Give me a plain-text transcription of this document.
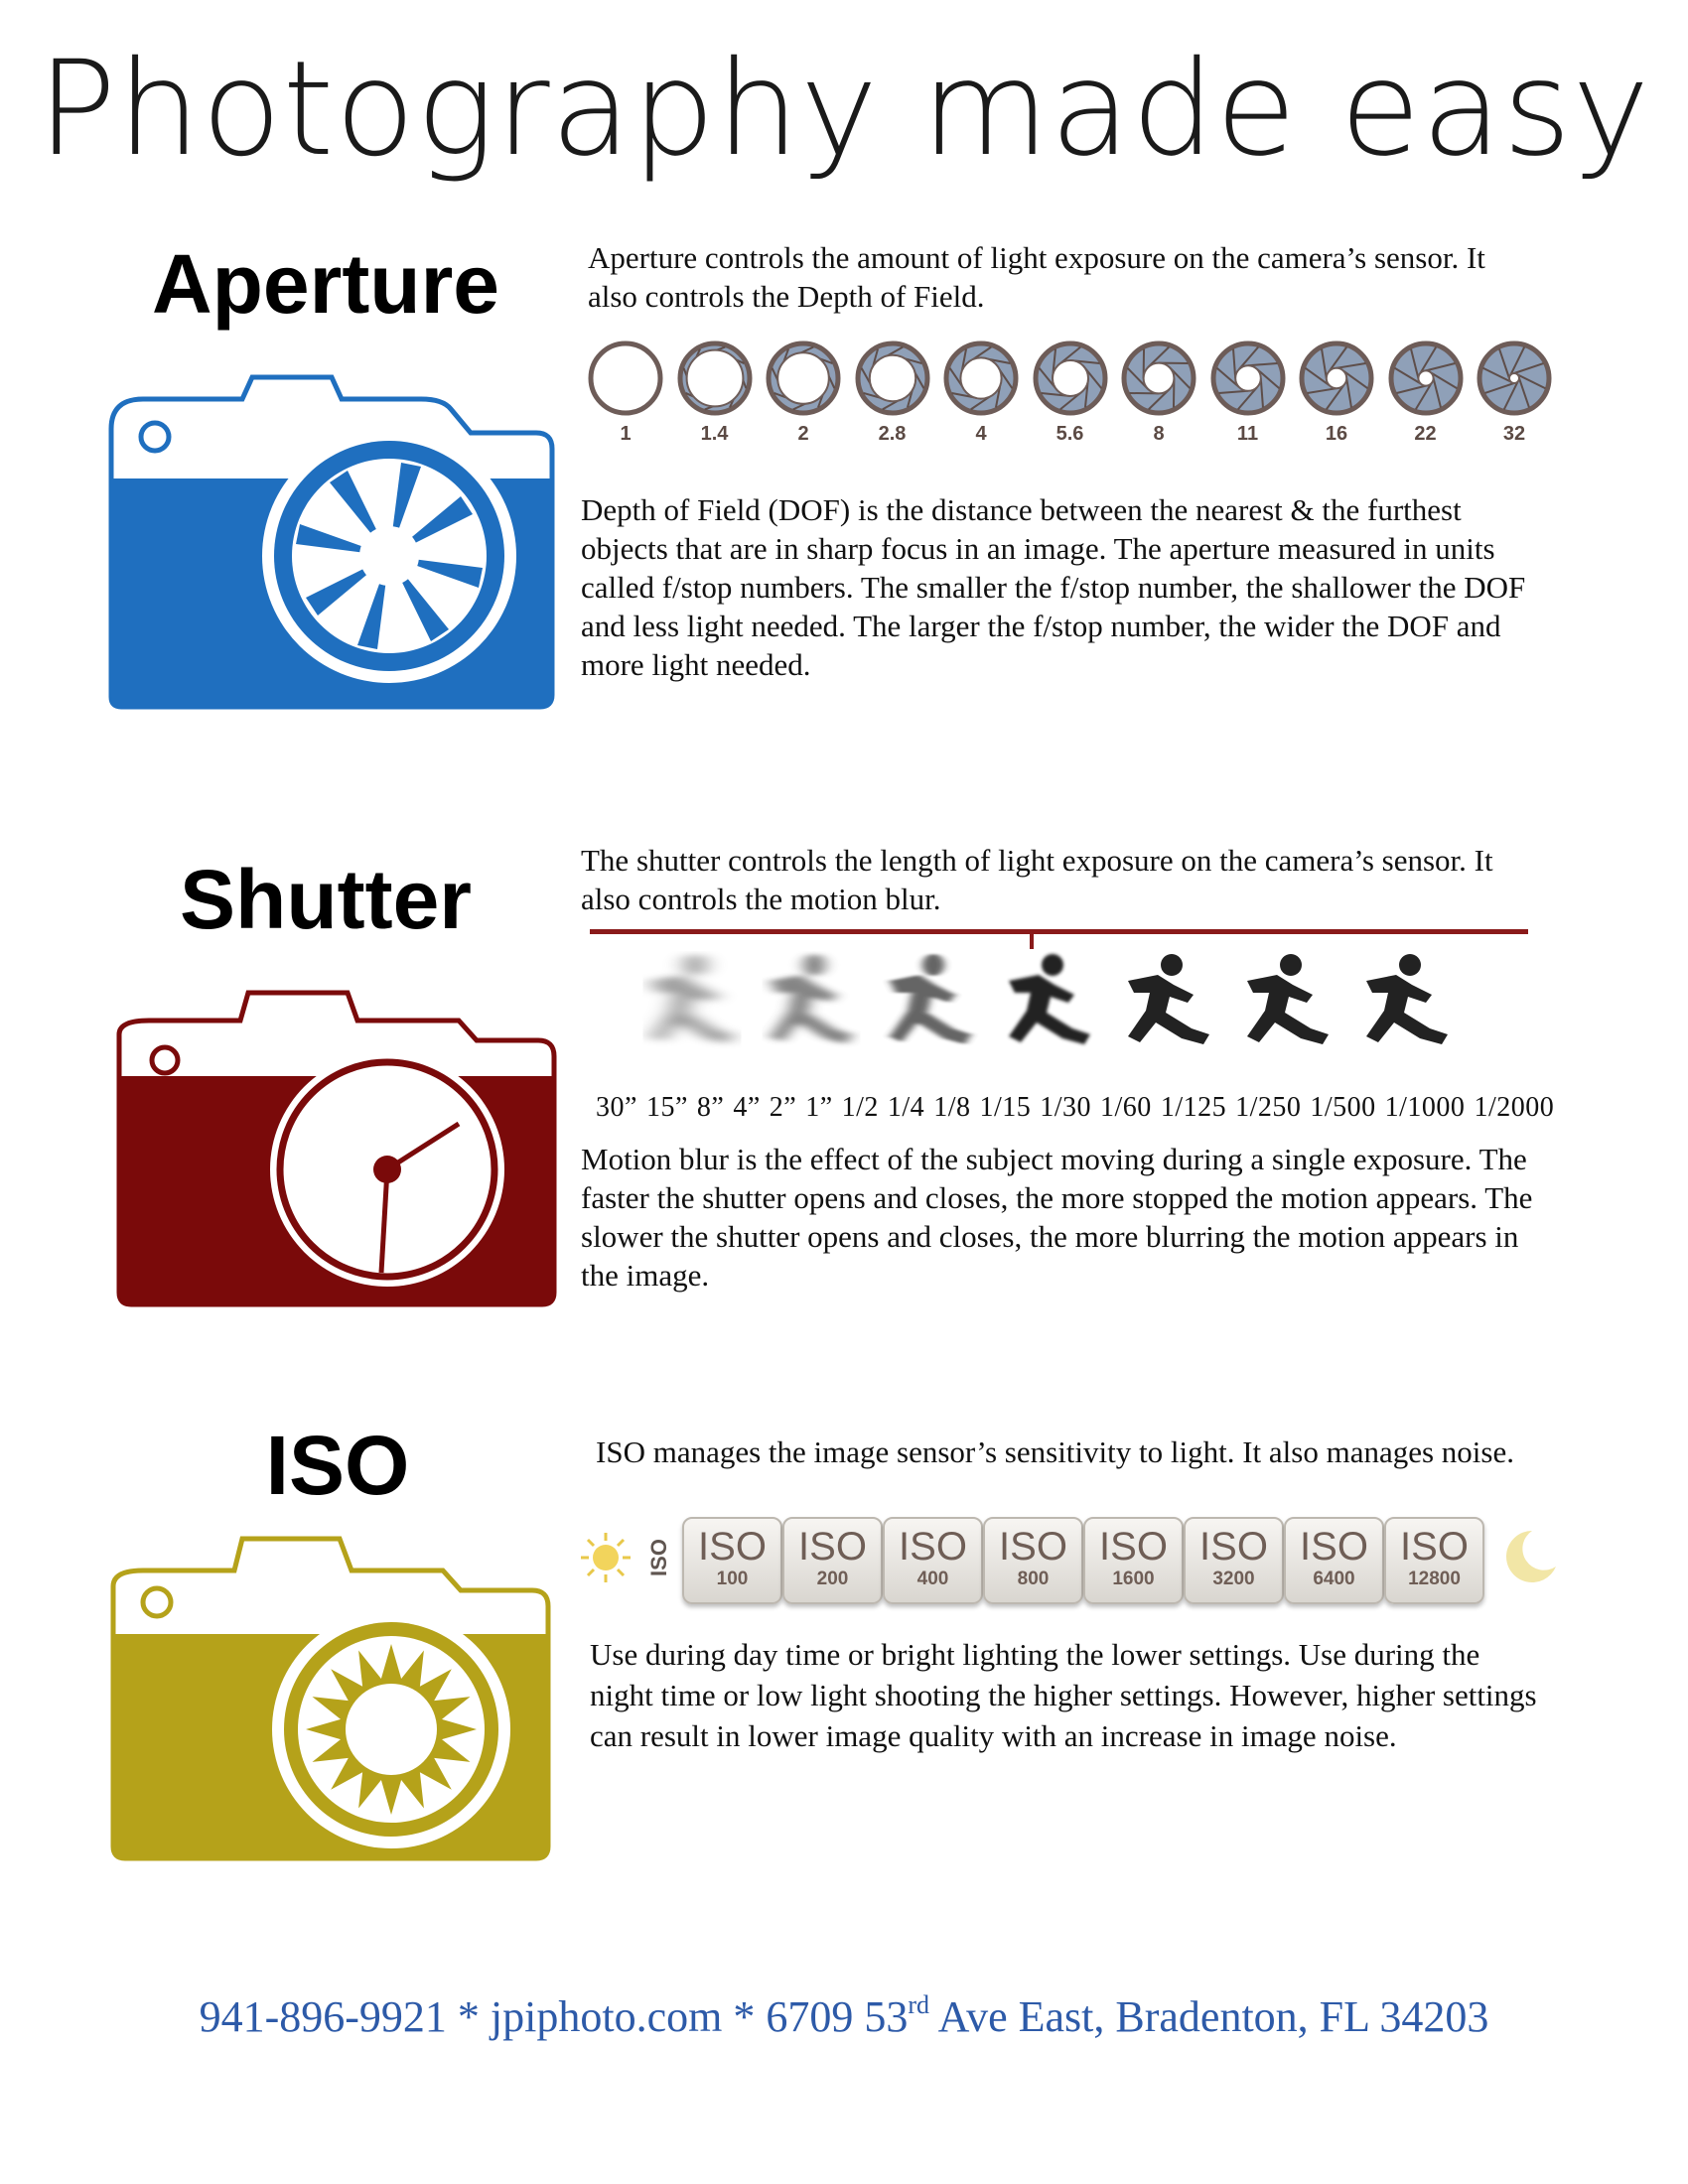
Photography made easy
Aperture	Aperture controls the amount of light exposure on the camera’s sensor. It also controls the Depth of Field.
1	1.4	2	2.8	4	5.6	8	11	16	22	32
Depth of Field (DOF) is the distance between the nearest & the furthest objects that are in sharp focus in an image. The aperture measured in units called f/stop numbers. The smaller the f/stop number, the shallower the DOF and less light needed. The larger the f/stop number, the wider the DOF and more light needed.
Shutter	The shutter controls the length of light exposure on the camera’s sensor. It also controls the motion blur.
30” 15” 8” 4” 2” 1” 1/2 1/4 1/8 1/15 1/30 1/60 1/125 1/250 1/500 1/1000 1/2000
Motion blur is the effect of the subject moving during a single exposure. The faster the shutter opens and closes, the more stopped the motion appears. The slower the shutter opens and closes, the more blurring the motion appears in the image.
ISO	ISO manages the image sensor’s sensitivity to light. It also manages noise.
ISO ISO
100
ISO
200
ISO
400
ISO
800
ISO
1600
ISO
3200
ISO
6400
ISO
12800
Use during day time or bright lighting the lower settings. Use during the night time or low light shooting the higher settings. However, higher settings can result in lower image quality with an increase in image noise.
941-896-9921 * jpiphoto.com * 6709 53rd Ave East, Bradenton, FL 34203
